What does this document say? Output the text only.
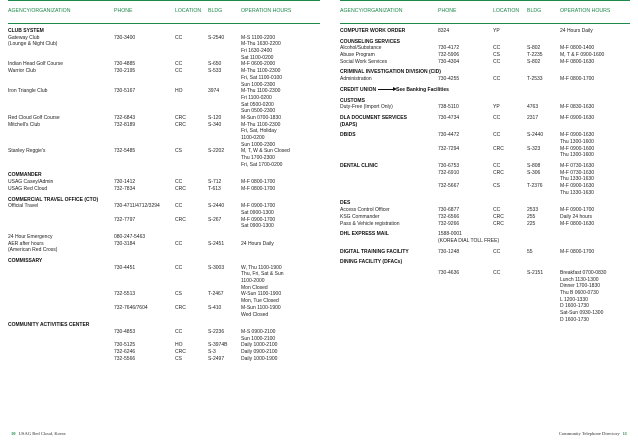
AGENCY/ORGANIZATION	PHONE	LOCATION BLDG	OPERATION HOURS
CLUB SYSTEM
Gateway Club	730-3400	CC	S-2540	M-S 1100-2200
(Lounge & Night Club)	M-Thu 1630-2200
Fri 1630-2400
Sat 1100-0200
Indian Head Golf Course	730-4885	CC	S-650	M-F 0600-2000
Warrior Club	730-2195	CC	S-533	M-Thu 1100-2300
Fri, Sat 1100-0100
Sun 1000-2300
Iron Triangle Club	730-5167	HO	3974	M-Thu 1100-2300
Fri 1100-0200
Sat 0500-0200
Sun 0500-2300
Red Cloud Golf Course	732-6843	CRC	S-120	M-Sun 0700-1830
Mitchell's Club	732-8189	CRC	S-340	M-Thu 1100-2300
Fri, Sat, Holiday
1100-0200
Sun 1000-2300
Stanley Reggie's	732-5485	CS	S-2202	M, T, W & Sun Closed
Thu 1700-2300
Fri, Sat 1700-0200
COMMANDER
USAG Casey/Admin	730-1412	CC	S-712	M-F 0800-1700
USAG Red Cloud	732-7834	CRC	T-613	M-F 0800-1700
COMMERCIAL TRAVEL OFFICE (CTO)
Official Travel	730-4711/4712/3294	CC	S-2440	M-F 0900-1700
Sat 0900-1300
732-7797	CRC	S-267	M-F 0900-1700
Sat 0900-1300
24 Hour Emergency	080-247-5463
AER after hours	730-3184	CC	S-2451	24 Hours Daily
(American Red Cross)
COMMISSARY
730-4451	CC	S-3003	W, Thu 1100-1900
Thu, Fri, Sat & Sun
1100-2000
Mon Closed
732-5513	CS	T-2467	W-Sun 1100-1900
Mon, Tue Closed
732-7646/7604	CRC	S-410	M-Sun 1100-1900
Wed Closed
COMMUNITY ACTIVITIES CENTER
730-4853	CC	S-2236	M-S 0900-2100
Sun 1000-2100
730-5125	HO	S-3974B	Daily 1000-2100
732-6246	CRC	S-3	Daily 0900-2100
732-5566	CS	S-2497	Daily 1000-1900
10 USAG Red Cloud, Korea
AGENCY/ORGANIZATION	PHONE	LOCATION BLDG	OPERATION HOURS
COMPUTER WORK ORDER	8324	YP	24 Hours Daily
COUNSELING SERVICES
Alcohol/Substance	730-4172	CC	S-802	M-F 0800-1400
Abuse Program	732-5906	CS	T-2235	M, T & F 0900-1600
Social Work Services	730-4304	CC	S-802	M-F 0800-1630
CRIMINAL INVESTIGATION DIVISION (CID)
Administration	730-4255	CC	T-2533	M-F 0800-1700
CREDIT UNION	See Banking Facilities
CUSTOMS
Duty-Free (Import Only)	738-5110	YP	4763	M-F 0830-1630
DLA DOCUMENT SERVICES	730-4734	CC	2317	M-F 0900-1630
(DAPS)
DBIDS	730-4472	CC	S-2440	M-F 0900-1630
Thu 1300-1600
732-7294	CRC	S-323	M-F 0900-1600
Thu 1300-1600
DENTAL CLINIC	730-6753	CC	S-808	M-F 0730-1630
732-6910	CRC	S-306	M-F 0730-1630
Thu 1330-1630
732-5667	CS	T-2376	M-F 0900-1630
Thu 1330-1630
DES
Access Control Officer	730-6877	CC	2533	M-F 0900-1700
KSG Commander	732-6566	CRC	255	Daily 24 hours
Pass & Vehicle registration	732-9266	CRC	225	M-F 0800-1630
DHL EXPRESS MAIL	1588-0001
(KOREA DIAL TOLL FREE)
DIGITAL TRAINING FACILITY	730-1248	CC	55	M-F 0800-1700
DINING FACILITY (DFACs)
730-4636	CC	S-2151	Breakfast 0700-0830
Lunch 1130-1300
Dinner 1700-1830
Thu B 0600-0730
L 1200-1330
D 1600-1730
Sat-Sun 0930-1300
D 1600-1730
Community Telephone Directory 11
